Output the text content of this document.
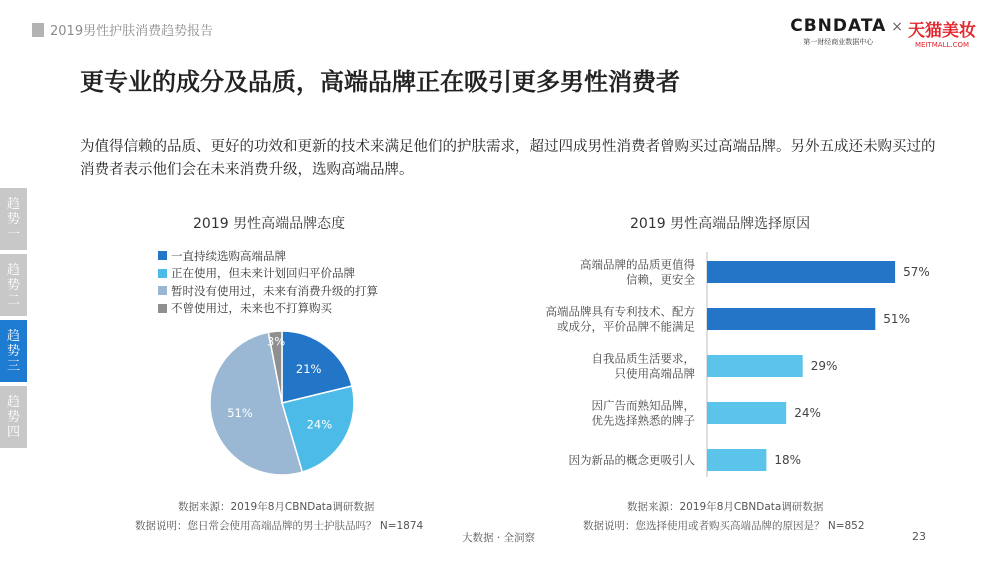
2019男性护肤消费趋势报告	CBNDATA
第一财经商业数据中心
× 天猫美妆
MEITMALL.COM
更专业的成分及品质，高端品牌正在吸引更多男性消费者
为值得信赖的品质、更好的功效和更新的技术来满足他们的护肤需求，超过四成男性消费者曾购买过高端品牌。另外五成还未购买过的消费者表示他们会在未来消费升级，选购高端品牌。
趋
势
一
趋
势
二
趋
势
三
趋
势
四
2019 男性高端品牌态度	2019 男性高端品牌选择原因
一直持续选购高端品牌
正在使用，但未来计划回归平价品牌
暂时没有使用过，未来有消费升级的打算
不曾使用过，未来也不打算购买
21%
24%
51%
3%
57%
高端品牌的品质更值得
信赖，更安全
51%
高端品牌具有专利技术、配方
或成分，平价品牌不能满足
29%
自我品质生活要求，
只使用高端品牌
24%
因广告而熟知品牌，
优先选择熟悉的牌子
18%
因为新品的概念更吸引人
数据来源：2019年8月CBNData调研数据
数据说明：您日常会使用高端品牌的男士护肤品吗？ N=1874
数据来源：2019年8月CBNData调研数据
数据说明：您选择使用或者购买高端品牌的原因是？ N=852
大数据 · 全洞察	23
